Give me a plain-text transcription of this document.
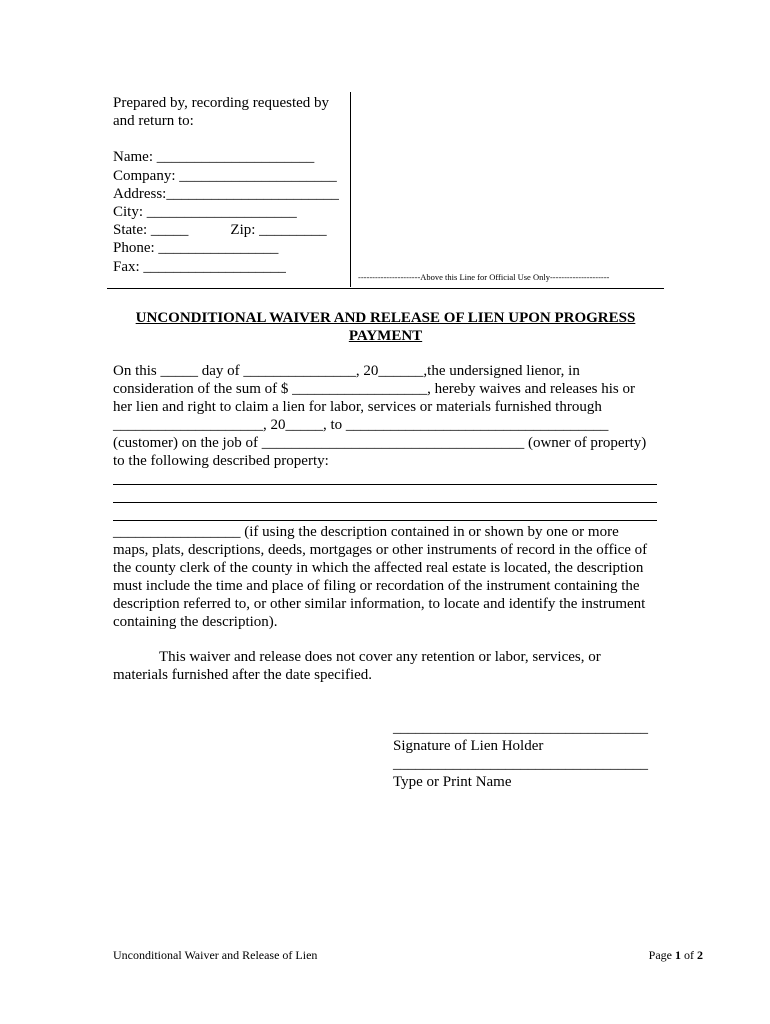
Prepared by, recording requested by
and return to:
Name: _____________________
Company: _____________________
Address:_______________________
City: ____________________
State: _____	Zip: _________
Phone: ________________
Fax: ___________________
----------------------Above this Line for Official Use Only---------------------
UNCONDITIONAL WAIVER AND RELEASE OF LIEN UPON PROGRESS PAYMENT
On this _____ day of _______________, 20______,the undersigned lienor, in
consideration of the sum of $ __________________, hereby waives and releases his or
her lien and right to claim a lien for labor, services or materials furnished through
____________________, 20_____, to ___________________________________
(customer) on the job of ___________________________________ (owner of property)
to the following described property:
_________________ (if using the description contained in or shown by one or more
maps, plats, descriptions, deeds, mortgages or other instruments of record in the office of
the county clerk of the county in which the affected real estate is located, the description
must include the time and place of filing or recordation of the instrument containing the
description referred to, or other similar information, to locate and identify the instrument
containing the description).
This waiver and release does not cover any retention or labor, services, or
materials furnished after the date specified.
__________________________________
Signature of Lien Holder
__________________________________
Type or Print Name
Unconditional Waiver and Release of Lien	Page 1 of 2
